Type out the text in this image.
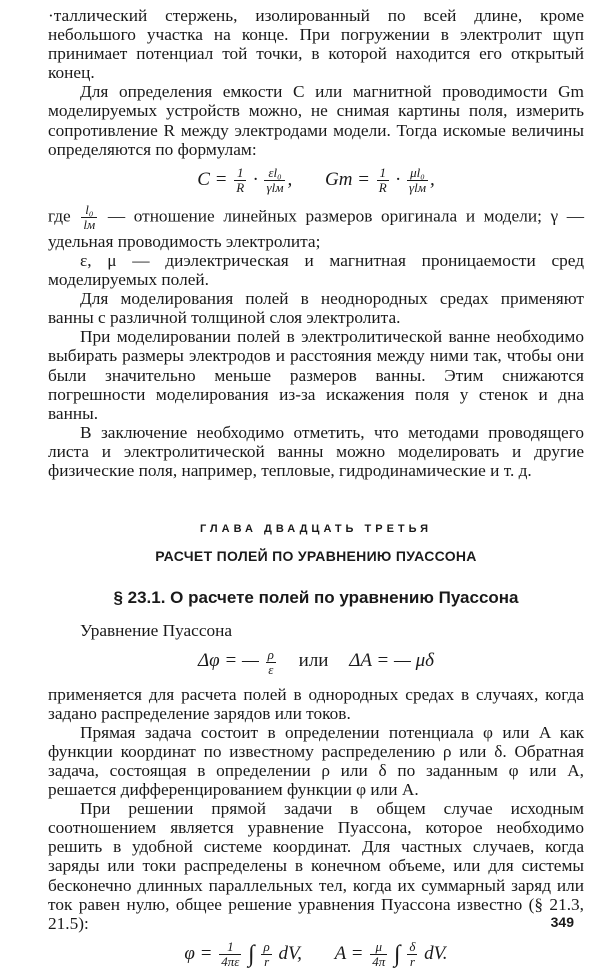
·таллический стержень, изолированный по всей длине, кроме небольшого участка на конце. При погружении в электролит щуп принимает потенциал той точки, в которой находится его открытый конец.

Для определения емкости C или магнитной проводимости Gm моделируемых устройств можно, не снимая картины поля, измерить сопротивление R между электродами модели. Тогда искомые величины определяются по формулам:

$C = \frac{1}{R} \cdot \frac{\text{εl₀}}{\text{γlм}}$ , $Gm = \frac{1}{R} \cdot \frac{\text{μl₀}}{\text{γlм}}$ ,

где $\frac{\text{l₀}}{lм}$ — отношение линейных размеров оригинала и модели; γ — удельная проводимость электролита;

ε, μ — диэлектрическая и магнитная проницаемости сред моделируемых полей.

Для моделирования полей в неоднородных средах применяют ванны с различной толщиной слоя электролита.

При моделировании полей в электролитической ванне необходимо выбирать размеры электродов и расстояния между ними так, чтобы они были значительно меньше размеров ванны. Этим снижаются погрешности моделирования из-за искажения поля у стенок и дна ванны.

В заключение необходимо отметить, что методами проводящего листа и электролитической ванны можно моделировать и другие физические поля, например, тепловые, гидродинамические и т. д.

ГЛАВА ДВАДЦАТЬ ТРЕТЬЯ
РАСЧЕТ ПОЛЕЙ ПО УРАВНЕНИЮ ПУАССОНА
§ 23.1. О расчете полей по уравнению Пуассона

Уравнение Пуассона

Δφ = — $\frac{\rho}{\varepsilon}$ или ΔA = — μδ

применяется для расчета полей в однородных средах в случаях, когда задано распределение зарядов или токов.

Прямая задача состоит в определении потенциала φ или A как функции координат по известному распределению ρ или δ. Обратная задача, состоящая в определении ρ или δ по заданным φ или A, решается дифференцированием функции φ или A.

При решении прямой задачи в общем случае исходным соотношением является уравнение Пуассона, которое необходимо решить в удобной системе координат. Для частных случаев, когда заряды или токи распределены в конечном объеме, или для системы бесконечно длинных параллельных тел, когда их суммарный заряд или ток равен нулю, общее решение уравнения Пуассона известно (§ 21.3, 21.5):

$\varphi = \frac{1}{4\pi\varepsilon}$ ∫ $\frac{\rho}{r}$ dV, $A = \frac{\mu}{4\pi}$ ∫ $\frac{\delta}{r}$ dV.
349
